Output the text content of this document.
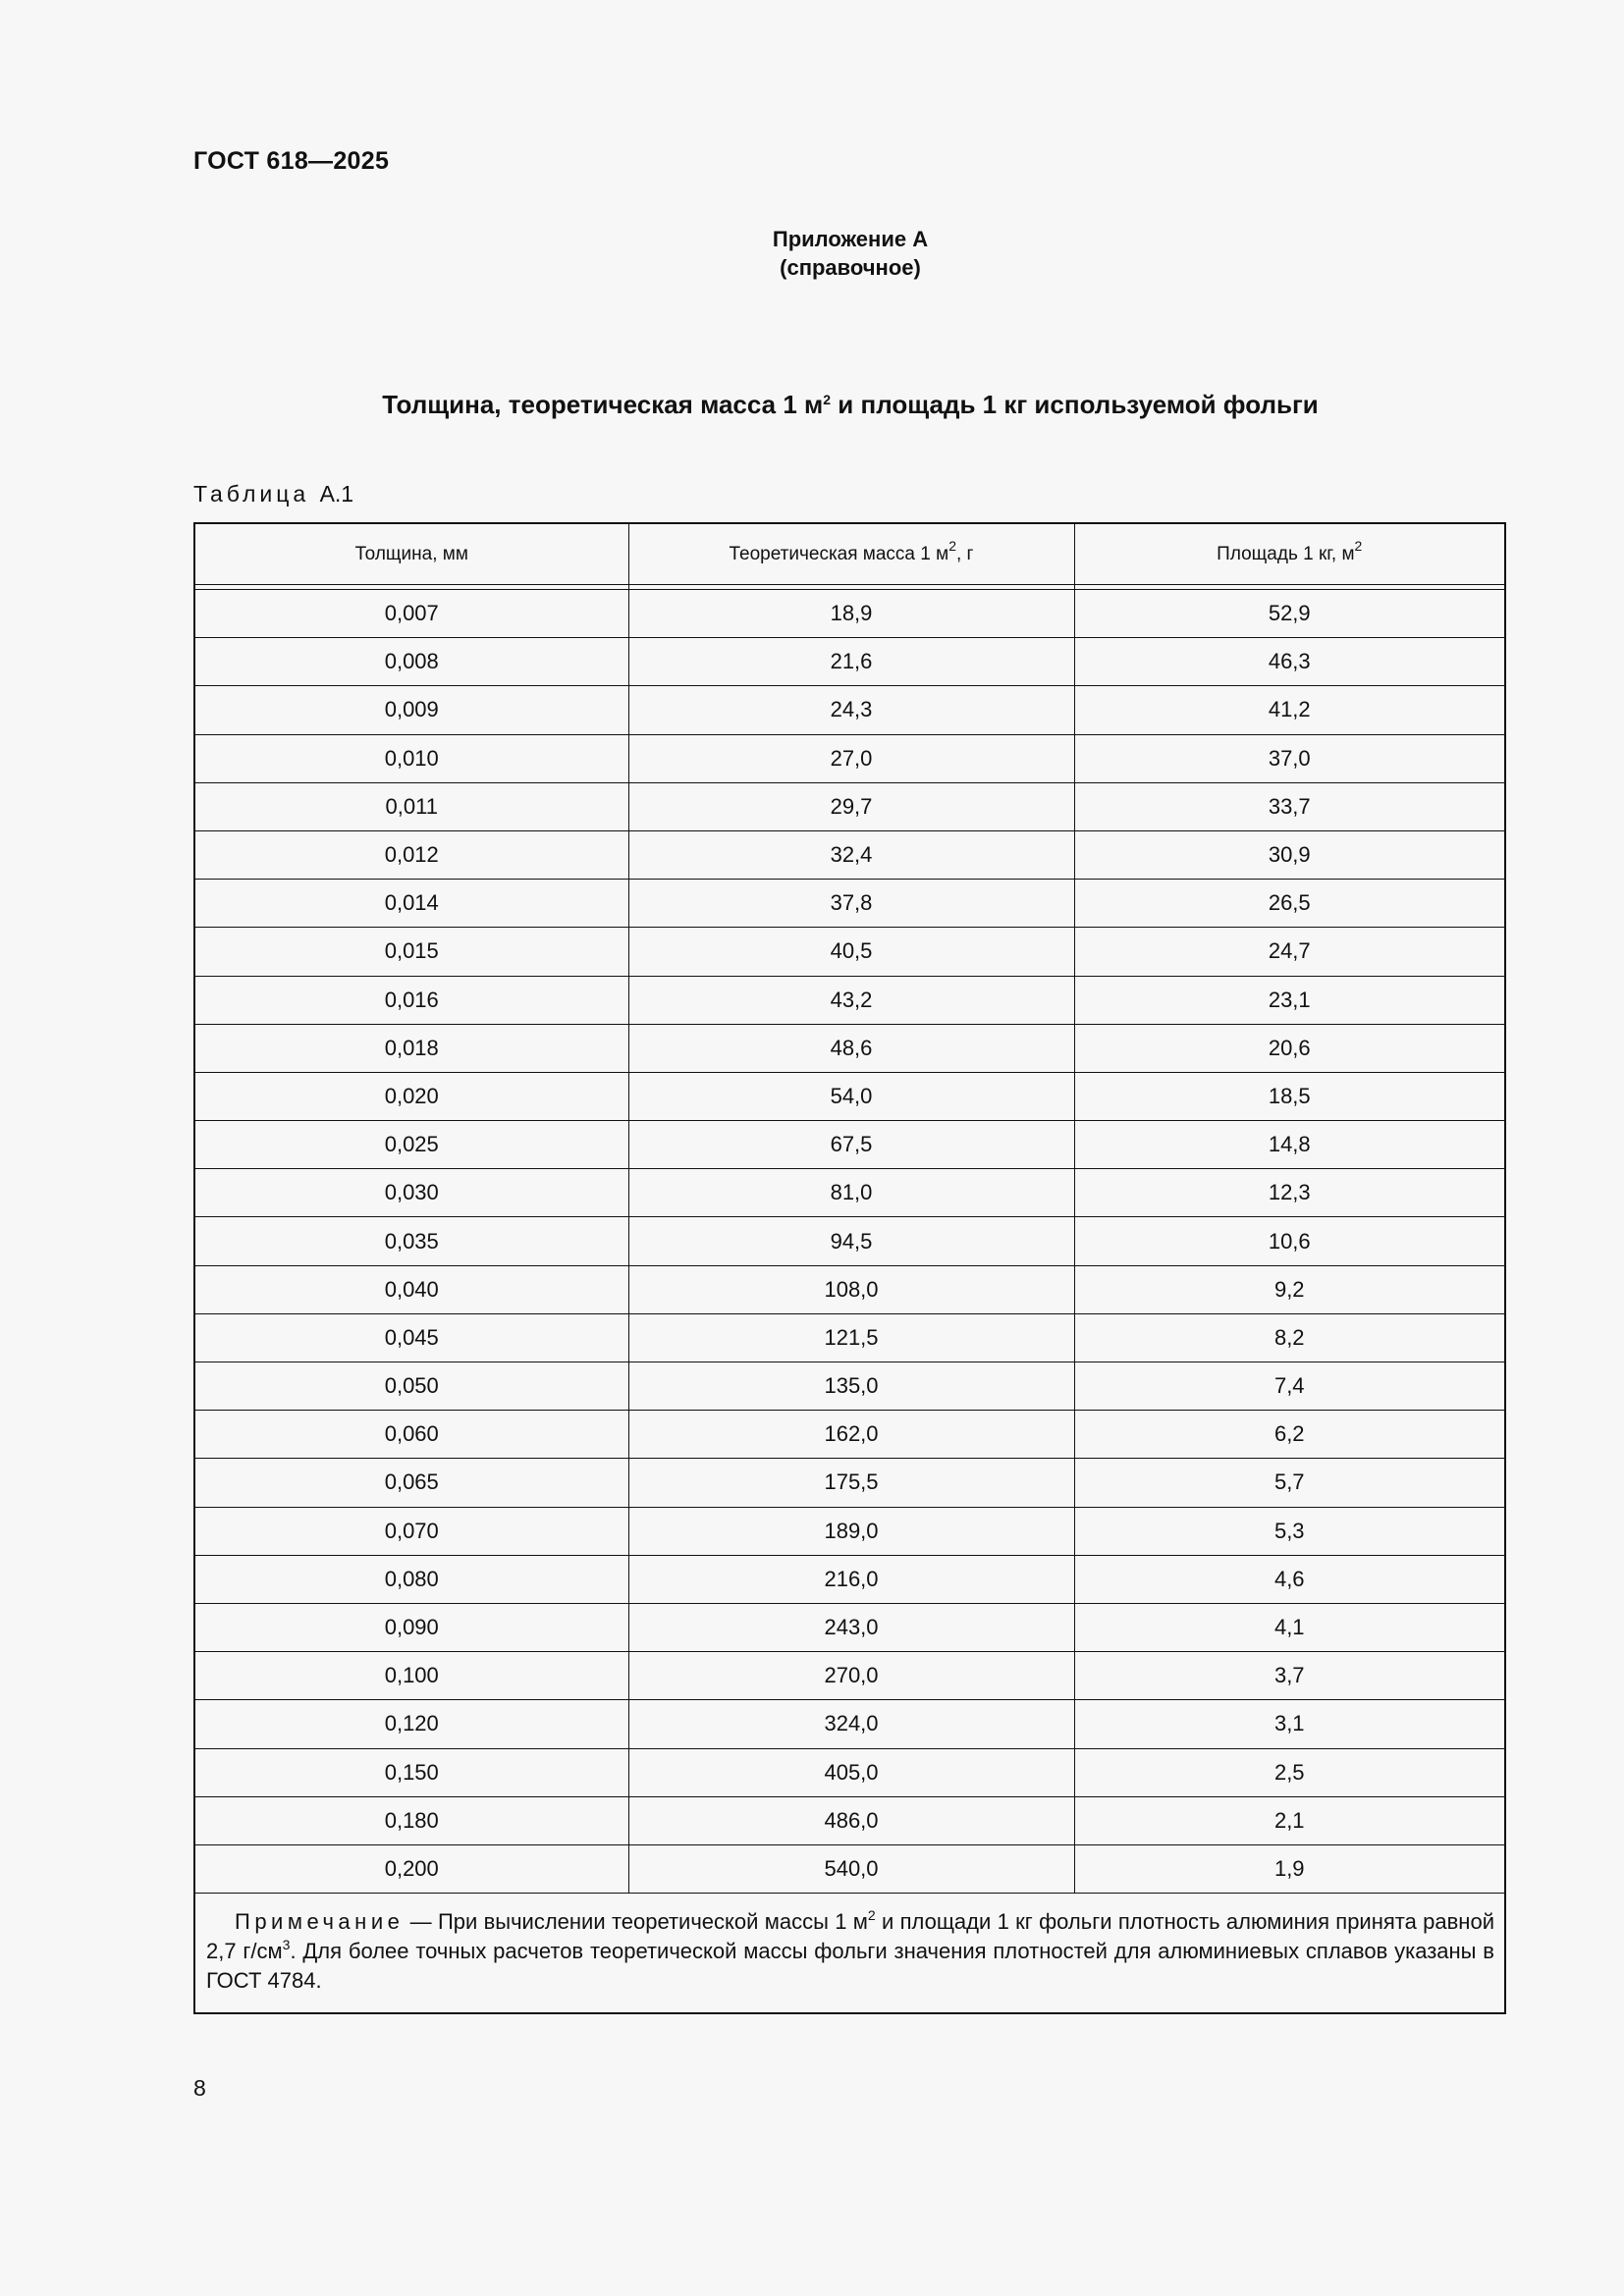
ГОСТ 618—2025
Приложение А
(справочное)
Толщина, теоретическая масса 1 $м^2$ и площадь 1 кг используемой фольги
Таблица А.1
Толщина, мм	Теоретическая масса 1 $м^2$, г	Площадь 1 кг, $м^2$

0,007	18,9	52,9
0,008	21,6	46,3
0,009	24,3	41,2
0,010	27,0	37,0
0,011	29,7	33,7
0,012	32,4	30,9
0,014	37,8	26,5
0,015	40,5	24,7
0,016	43,2	23,1
0,018	48,6	20,6
0,020	54,0	18,5
0,025	67,5	14,8
0,030	81,0	12,3
0,035	94,5	10,6
0,040	108,0	9,2
0,045	121,5	8,2
0,050	135,0	7,4
0,060	162,0	6,2
0,065	175,5	5,7
0,070	189,0	5,3
0,080	216,0	4,6
0,090	243,0	4,1
0,100	270,0	3,7
0,120	324,0	3,1
0,150	405,0	2,5
0,180	486,0	2,1
0,200	540,0	1,9
Примечание — При вычислении теоретической массы 1 $м^2$ и площади 1 кг фольги плотность алюминия принята равной 2,7 $г/см^3$. Для более точных расчетов теоретической массы фольги значения плотностей для алюминиевых сплавов указаны в ГОСТ 4784.
8
